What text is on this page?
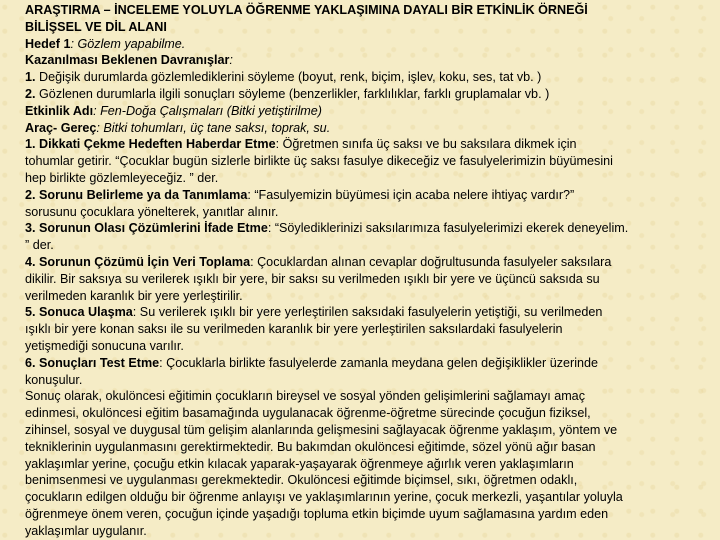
ARAŞTIRMA – İNCELEME YOLUYLA ÖĞRENME YAKLAŞIMINA DAYALI BİR ETKİNLİK ÖRNEĞİ

BİLİŞSEL VE DİL ALANI

Hedef 1: Gözlem yapabilme.

Kazanılması Beklenen Davranışlar:

1. Değişik durumlarda gözlemlediklerini söyleme (boyut, renk, biçim, işlev, koku, ses, tat vb. )

2. Gözlenen durumlarla ilgili sonuçları söyleme (benzerlikler, farklılıklar, farklı gruplamalar vb. )

Etkinlik Adı: Fen-Doğa Çalışmaları (Bitki yetiştirilme)

Araç- Gereç: Bitki tohumları, üç tane saksı, toprak, su.

1. Dikkati Çekme Hedeften Haberdar Etme: Öğretmen sınıfa üç saksı ve bu saksılara dikmek için

tohumlar getirir. “Çocuklar bugün sizlerle birlikte üç saksı fasulye dikeceğiz ve fasulyelerimizin büyümesini

hep birlikte gözlemleyeceğiz. ” der.

2. Sorunu Belirleme ya da Tanımlama: “Fasulyemizin büyümesi için acaba nelere ihtiyaç vardır?”

sorusunu çocuklara yönelterek, yanıtlar alınır.

3. Sorunun Olası Çözümlerini İfade Etme: “Söylediklerinizi saksılarımıza fasulyelerimizi ekerek deneyelim.

” der.

4. Sorunun Çözümü İçin Veri Toplama: Çocuklardan alınan cevaplar doğrultusunda fasulyeler saksılara

dikilir. Bir saksıya su verilerek ışıklı bir yere, bir saksı su verilmeden ışıklı bir yere ve üçüncü saksıda su

verilmeden karanlık bir yere yerleştirilir.

5. Sonuca Ulaşma: Su verilerek ışıklı bir yere yerleştirilen saksıdaki fasulyelerin yetiştiği, su verilmeden

ışıklı bir yere konan saksı ile su verilmeden karanlık bir yere yerleştirilen saksılardaki fasulyelerin

yetişmediği sonucuna varılır.

6. Sonuçları Test Etme: Çocuklarla birlikte fasulyelerde zamanla meydana gelen değişiklikler üzerinde

konuşulur.

Sonuç olarak, okulöncesi eğitimin çocukların bireysel ve sosyal yönden gelişimlerini sağlamayı amaç

edinmesi, okulöncesi eğitim basamağında uygulanacak öğrenme-öğretme sürecinde çocuğun fiziksel,

zihinsel, sosyal ve duygusal tüm gelişim alanlarında gelişmesini sağlayacak öğrenme yaklaşım, yöntem ve

tekniklerinin uygulanmasını gerektirmektedir. Bu bakımdan okulöncesi eğitimde, sözel yönü ağır basan

yaklaşımlar yerine, çocuğu etkin kılacak yaparak-yaşayarak öğrenmeye ağırlık veren yaklaşımların

benimsenmesi ve uygulanması gerekmektedir. Okulöncesi eğitimde biçimsel, sıkı, öğretmen odaklı,

çocukların edilgen olduğu bir öğrenme anlayışı ve yaklaşımlarının yerine, çocuk merkezli, yaşantılar yoluyla

öğrenmeye önem veren, çocuğun içinde yaşadığı topluma etkin biçimde uyum sağlamasına yardım eden

yaklaşımlar uygulanır.
